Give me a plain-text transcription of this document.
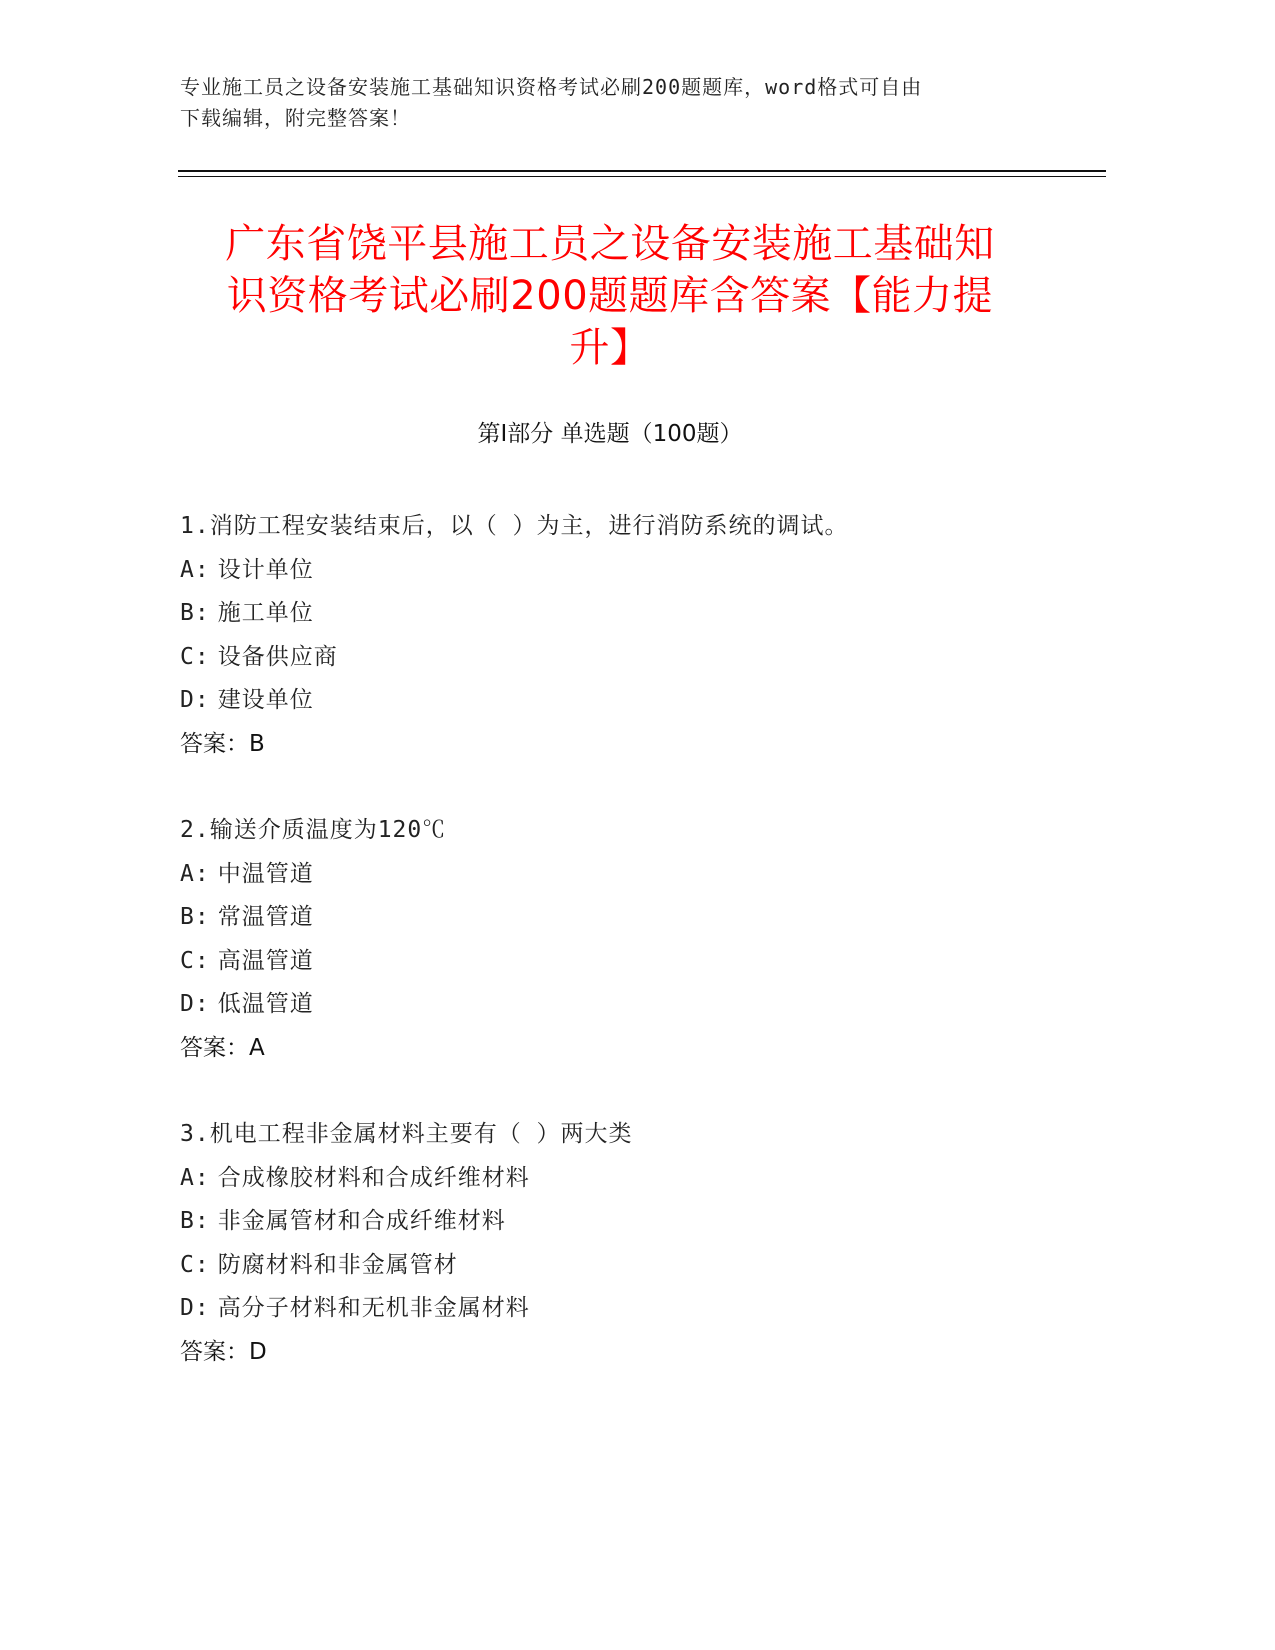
专业施工员之设备安装施工基础知识资格考试必刷200题题库，word格式可自由
下载编辑，附完整答案！
广东省饶平县施工员之设备安装施工基础知
识资格考试必刷200题题库含答案【能力提
升】
第Ⅰ部分 单选题（100题）
1.消防工程安装结束后，以（ ）为主，进行消防系统的调试。
A: 设计单位
B: 施工单位
C: 设备供应商
D: 建设单位
答案：B
2.输送介质温度为120℃
A: 中温管道
B: 常温管道
C: 高温管道
D: 低温管道
答案：A
3.机电工程非金属材料主要有（ ）两大类
A: 合成橡胶材料和合成纤维材料
B: 非金属管材和合成纤维材料
C: 防腐材料和非金属管材
D: 高分子材料和无机非金属材料
答案：D
